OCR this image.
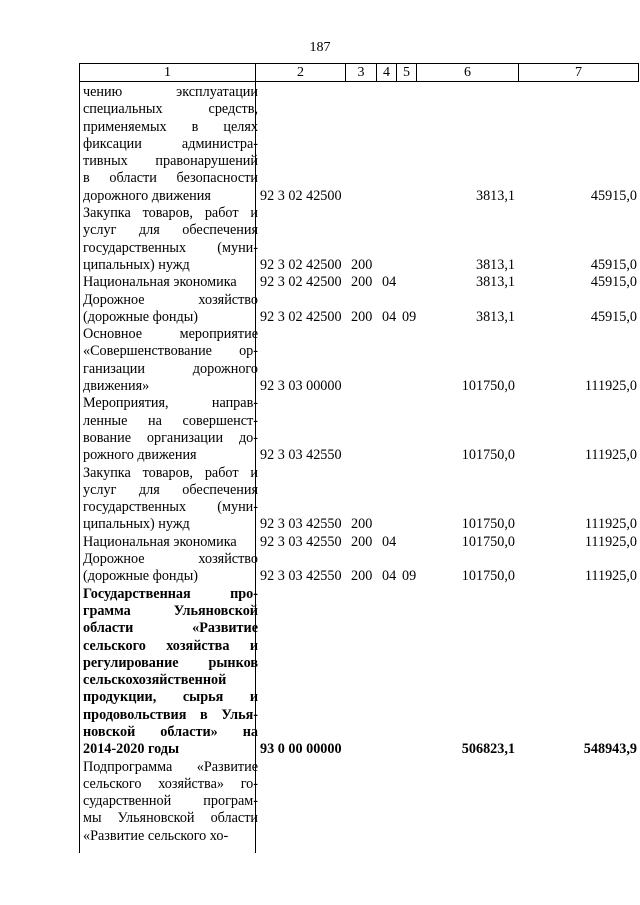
187
1	2	3	4	5	6	7
чению эксплуатации
специальных средств,
применяемых в целях
фиксации администра-
тивных правонарушений
в области безопасности
дорожного движения	92 3 02 42500	3813,1	45915,0
Закупка товаров, работ и
услуг для обеспечения
государственных (муни-
ципальных) нужд	92 3 02 42500 200	3813,1	45915,0
Национальная экономика	92 3 02 42500 200 04	3813,1	45915,0
Дорожное хозяйство
(дорожные фонды)	92 3 02 42500 200 04 09	3813,1	45915,0
Основное мероприятие
«Совершенствование ор-
ганизации дорожного
движения»	92 3 03 00000	101750,0	111925,0
Мероприятия, направ-
ленные на совершенст-
вование организации до-
рожного движения	92 3 03 42550	101750,0	111925,0
Закупка товаров, работ и
услуг для обеспечения
государственных (муни-
ципальных) нужд	92 3 03 42550 200	101750,0	111925,0
Национальная экономика	92 3 03 42550 200 04	101750,0	111925,0
Дорожное хозяйство
(дорожные фонды)	92 3 03 42550 200 04 09	101750,0	111925,0
Государственная про-
грамма Ульяновской
области «Развитие
сельского хозяйства и
регулирование рынков
сельскохозяйственной
продукции, сырья и
продовольствия в Улья-
новской области» на
2014-2020 годы	93 0 00 00000	506823,1	548943,9
Подпрограмма «Развитие
сельского хозяйства» го-
сударственной програм-
мы Ульяновской области
«Развитие сельского хо-
